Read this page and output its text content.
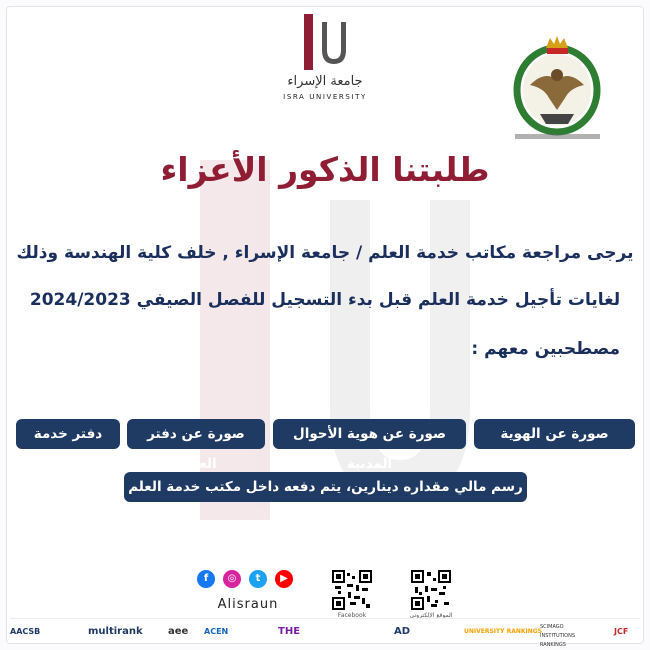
جامعة الإسراء
ISRA UNIVERSITY
طلبتنا الذكور الأعزاء
يرجى مراجعة مكاتب خدمة العلم / جامعة الإسراء , خلف كلية الهندسة وذلك
لغايات تأجيل خدمة العلم قبل بدء التسجيل للفصل الصيفي 2024/2023
مصطحبين معهم :
صورة عن الهوية الجامعية
صورة عن هوية الأحوال المدنية
صورة عن دفتر العائلة
دفتر خدمة العلم
رسم مالي مقداره دينارين، يتم دفعه داخل مكتب خدمة العلم
f	◎	t	▶
Alisraun
Facebook	الموقع الإلكتروني
AACSB	multirank	aee	ACEN	THE	AD	UNIVERSITY RANKINGS
SCIMAGO INSTITUTIONS RANKINGS
JCF
